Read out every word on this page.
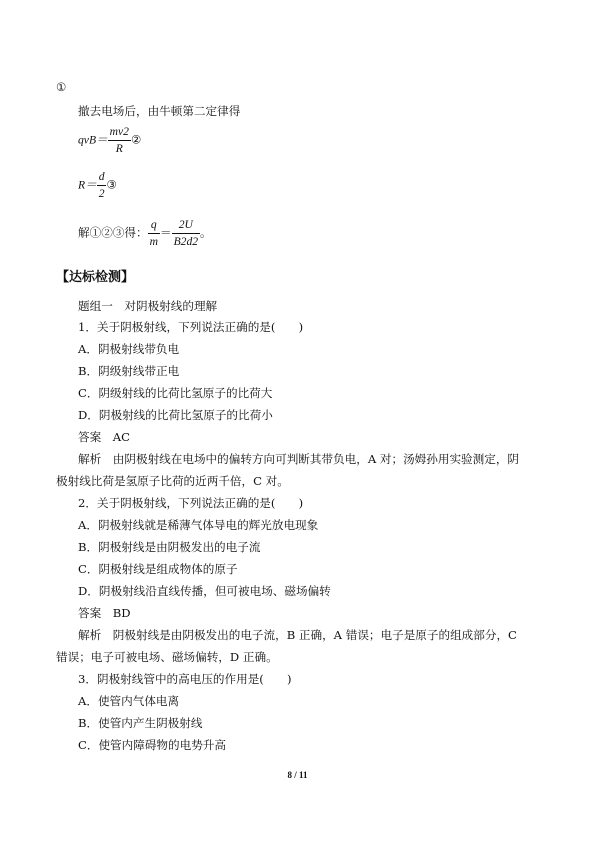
①
撤去电场后，由牛顿第二定律得
$qvB= \frac{mv2}{R}$ ②
$R= \frac{d}{2}$ ③
解①②③得： $\frac{q}{m} = \frac{2U}{B2d2}$ 。
【达标检测】
题组一　对阴极射线的理解
1．关于阴极射线，下列说法正确的是(　　)
A．阴极射线带负电
B．阴级射线带正电
C．阴级射线的比荷比氢原子的比荷大
D．阴极射线的比荷比氢原子的比荷小
答案　AC
解析　由阴极射线在电场中的偏转方向可判断其带负电，A 对；汤姆孙用实验测定，阴
极射线比荷是氢原子比荷的近两千倍，C 对。
2．关于阴极射线，下列说法正确的是(　　)
A．阴极射线就是稀薄气体导电的辉光放电现象
B．阴极射线是由阴极发出的电子流
C．阴极射线是组成物体的原子
D．阴极射线沿直线传播，但可被电场、磁场偏转
答案　BD
解析　阴极射线是由阴极发出的电子流，B 正确，A 错误；电子是原子的组成部分，C
错误；电子可被电场、磁场偏转，D 正确。
3．阴极射线管中的高电压的作用是(　　)
A．使管内气体电离
B．使管内产生阴极射线
C．使管内障碍物的电势升高
8 / 11
